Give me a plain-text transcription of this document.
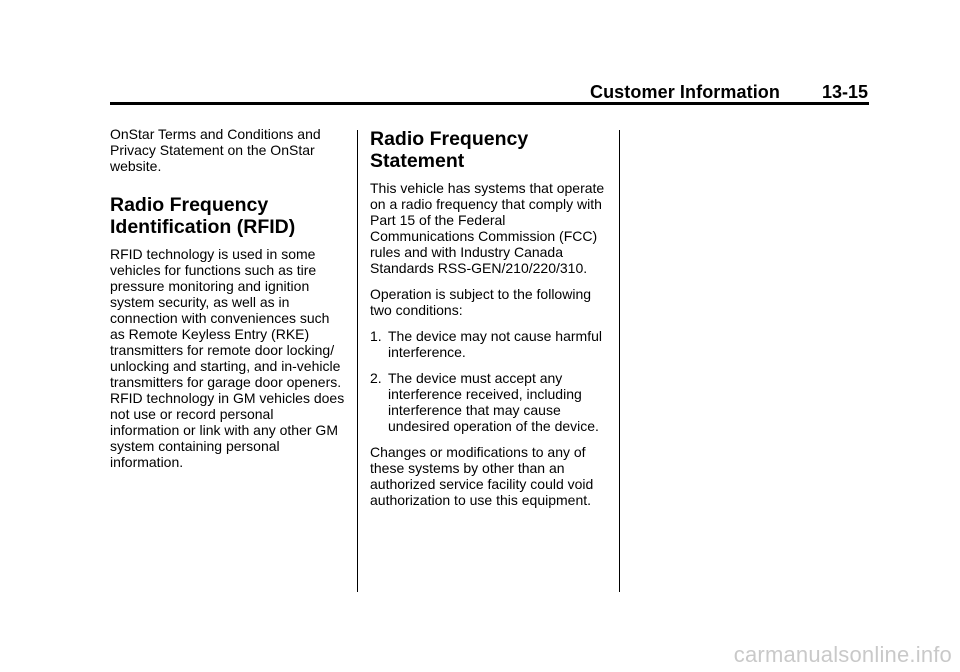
Customer Information 13-15

OnStar Terms and Conditions and Privacy Statement on the OnStar website.

Radio Frequency Identification (RFID)

RFID technology is used in some vehicles for functions such as tire pressure monitoring and ignition system security, as well as in connection with conveniences such as Remote Keyless Entry (RKE) transmitters for remote door locking/ unlocking and starting, and in-vehicle transmitters for garage door openers. RFID technology in GM vehicles does not use or record personal information or link with any other GM system containing personal information.

Radio Frequency Statement

This vehicle has systems that operate on a radio frequency that comply with Part 15 of the Federal Communications Commission (FCC) rules and with Industry Canada Standards RSS-GEN/210/220/310.

Operation is subject to the following two conditions:

1. The device may not cause harmful interference.
2. The device must accept any interference received, including interference that may cause undesired operation of the device.

Changes or modifications to any of these systems by other than an authorized service facility could void authorization to use this equipment.

carmanualsonline.info
